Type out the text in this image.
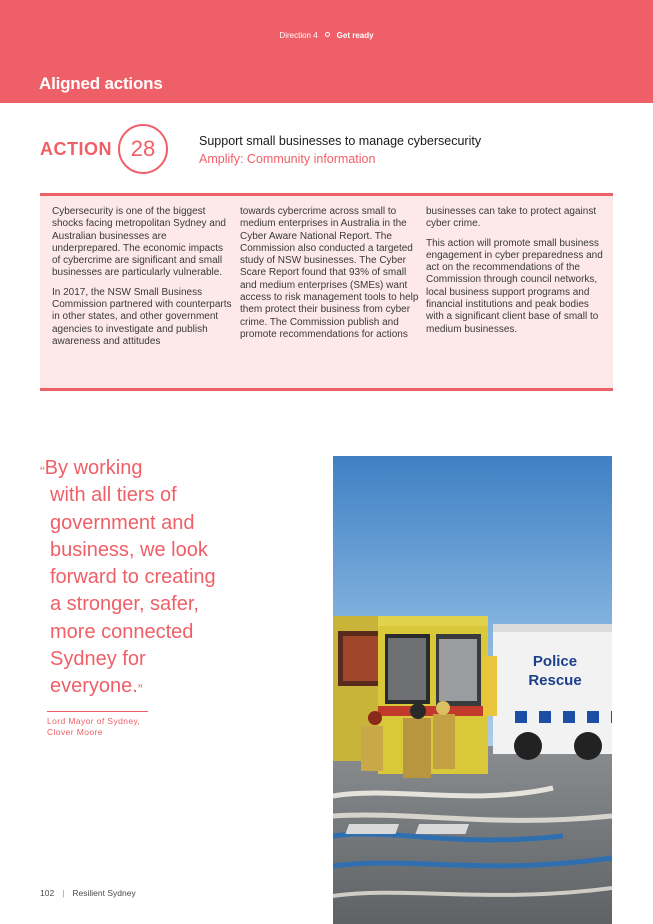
Direction 4 Get ready
Aligned actions
ACTION 28	Support small businesses to manage cybersecurity
Amplify: Community information

Cybersecurity is one of the biggest shocks facing metropolitan Sydney and Australian businesses are underprepared. The economic impacts of cybercrime are significant and small businesses are particularly vulnerable.

In 2017, the NSW Small Business Commission partnered with counterparts in other states, and other government agencies to investigate and publish awareness and attitudes

towards cybercrime across small to medium enterprises in Australia in the Cyber Aware National Report. The Commission also conducted a targeted study of NSW businesses. The Cyber Scare Report found that 93% of small and medium enterprises (SMEs) want access to risk management tools to help them protect their business from cyber crime. The Commission publish and promote recommendations for actions

businesses can take to protect against cyber crime.

This action will promote small business engagement in cyber preparedness and act on the recommendations of the Commission through council networks, local business support programs and financial institutions and peak bodies with a significant client base of small to medium businesses.

“By working
with all tiers of
government and
business, we look
forward to creating
a stronger, safer,
more connected
Sydney for
everyone.”
Lord Mayor of Sydney,
Clover Moore
Police
Rescue
102 | Resilient Sydney
